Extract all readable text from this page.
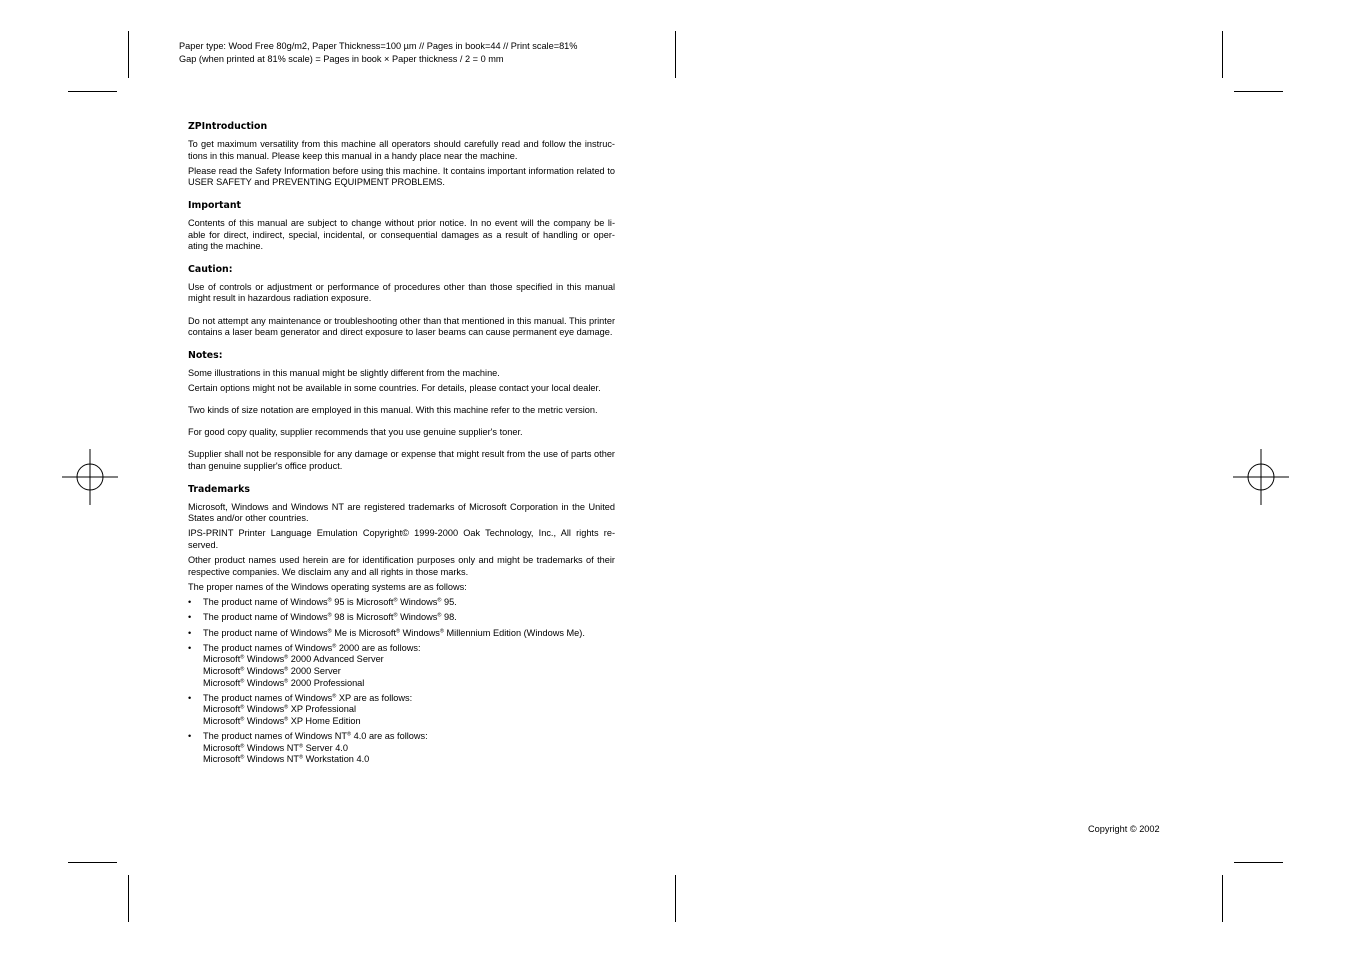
Paper type: Wood Free 80g/m2, Paper Thickness=100 µm // Pages in book=44 // Print scale=81%
Gap (when printed at 81% scale) = Pages in book × Paper thickness / 2 = 0 mm
ZPIntroduction

To get maximum versatility from this machine all operators should carefully read and follow the instruc-tions in this manual. Please keep this manual in a handy place near the machine.

Please read the Safety Information before using this machine. It contains important information related to USER SAFETY and PREVENTING EQUIPMENT PROBLEMS.

Important

Contents of this manual are subject to change without prior notice. In no event will the company be li-able for direct, indirect, special, incidental, or consequential damages as a result of handling or oper-ating the machine.

Caution:

Use of controls or adjustment or performance of procedures other than those specified in this manual might result in hazardous radiation exposure.

Do not attempt any maintenance or troubleshooting other than that mentioned in this manual. This printer contains a laser beam generator and direct exposure to laser beams can cause permanent eye damage.

Notes:

Some illustrations in this manual might be slightly different from the machine.

Certain options might not be available in some countries. For details, please contact your local dealer.

Two kinds of size notation are employed in this manual. With this machine refer to the metric version.

For good copy quality, supplier recommends that you use genuine supplier's toner.

Supplier shall not be responsible for any damage or expense that might result from the use of parts other than genuine supplier's office product.

Trademarks

Microsoft, Windows and Windows NT are registered trademarks of Microsoft Corporation in the United States and/or other countries.

IPS-PRINT Printer Language Emulation Copyright© 1999-2000 Oak Technology, Inc., All rights re-served.

Other product names used herein are for identification purposes only and might be trademarks of their respective companies. We disclaim any and all rights in those marks.

The proper names of the Windows operating systems are as follows:

•	The product name of Windows® 95 is Microsoft® Windows® 95.
•	The product name of Windows® 98 is Microsoft® Windows® 98.
•	The product name of Windows® Me is Microsoft® Windows® Millennium Edition (Windows Me).
•	The product names of Windows® 2000 are as follows:
Microsoft® Windows® 2000 Advanced Server
Microsoft® Windows® 2000 Server
Microsoft® Windows® 2000 Professional
•	The product names of Windows® XP are as follows:
Microsoft® Windows® XP Professional
Microsoft® Windows® XP Home Edition
•	The product names of Windows NT® 4.0 are as follows:
Microsoft® Windows NT® Server 4.0
Microsoft® Windows NT® Workstation 4.0
Copyright © 2002
